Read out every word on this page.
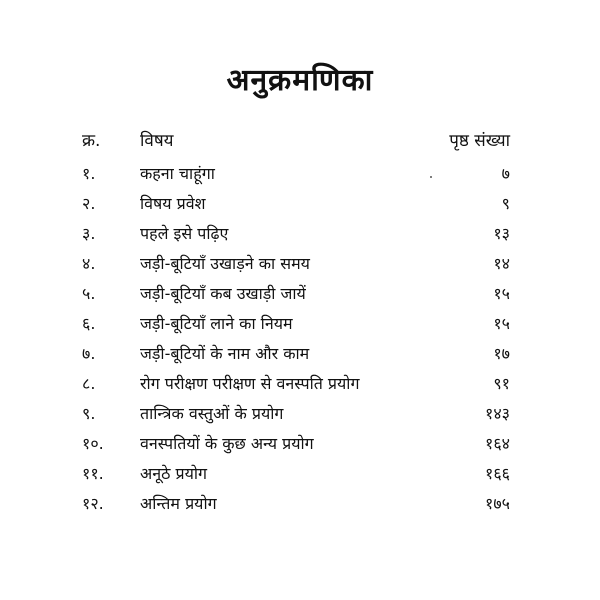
अनुक्रमणिका
क्र. विषय	पृष्ठ संख्या
१.	कहना चाहूंगा	७
२.	विषय प्रवेश	९
३.	पहले इसे पढ़िए	१३
४.	जड़ी-बूटियाँ उखाड़ने का समय	१४
५.	जड़ी-बूटियाँ कब उखाड़ी जायें	१५
६.	जड़ी-बूटियाँ लाने का नियम	१५
७.	जड़ी-बूटियों के नाम और काम	१७
८.	रोग परीक्षण परीक्षण से वनस्पति प्रयोग	९१
९.	तान्त्रिक वस्तुओं के प्रयोग	१४३
१०. वनस्पतियों के कुछ अन्य प्रयोग	१६४
११. अनूठे प्रयोग	१६६
१२. अन्तिम प्रयोग	१७५
